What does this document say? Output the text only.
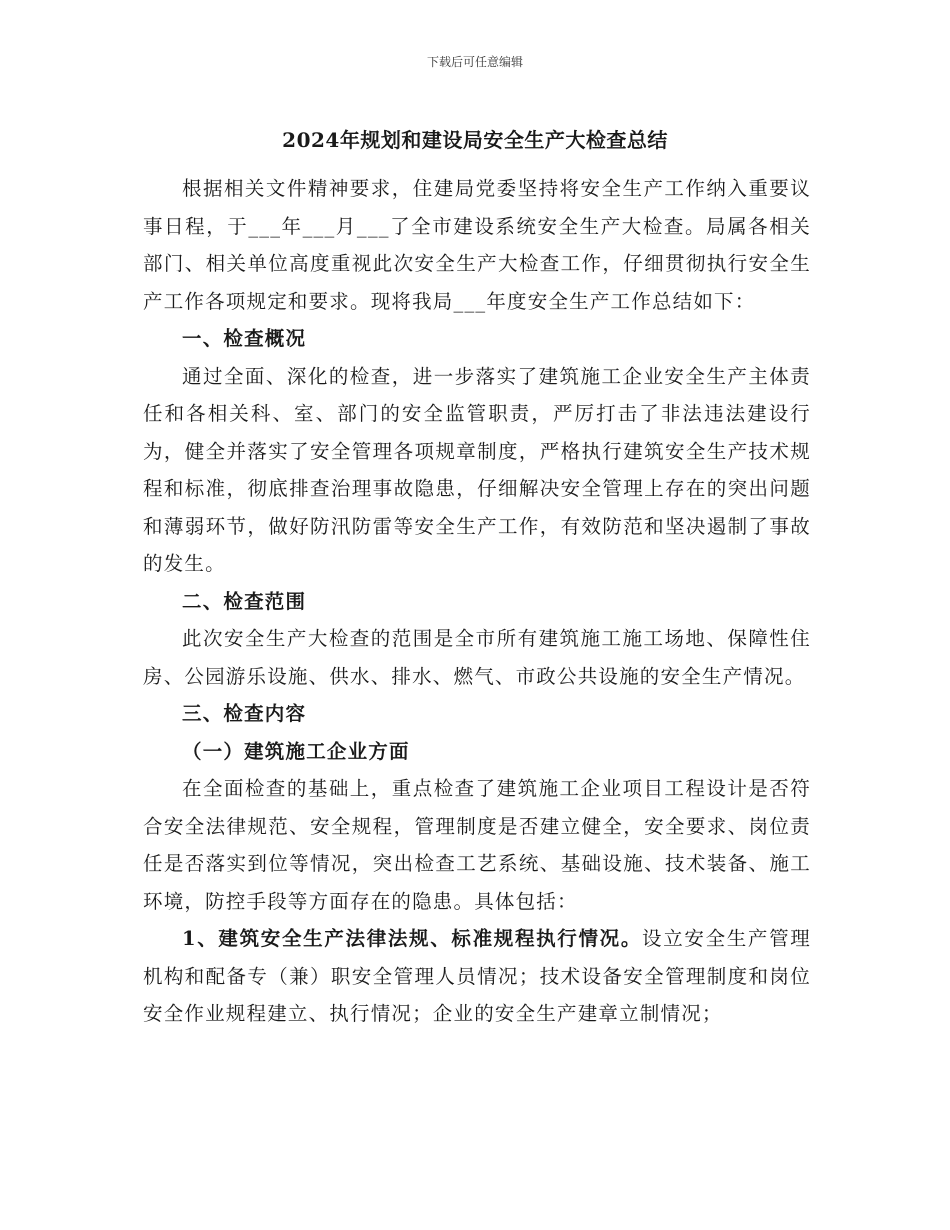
下载后可任意编辑
2024年规划和建设局安全生产大检查总结

根据相关文件精神要求，住建局党委坚持将安全生产工作纳入重要议事日程，于___年___月___了全市建设系统安全生产大检查。局属各相关部门、相关单位高度重视此次安全生产大检查工作，仔细贯彻执行安全生产工作各项规定和要求。现将我局___年度安全生产工作总结如下：

一、检查概况

通过全面、深化的检查，进一步落实了建筑施工企业安全生产主体责任和各相关科、室、部门的安全监管职责，严厉打击了非法违法建设行为，健全并落实了安全管理各项规章制度，严格执行建筑安全生产技术规程和标准，彻底排查治理事故隐患，仔细解决安全管理上存在的突出问题和薄弱环节，做好防汛防雷等安全生产工作，有效防范和坚决遏制了事故的发生。

二、检查范围

此次安全生产大检查的范围是全市所有建筑施工施工场地、保障性住房、公园游乐设施、供水、排水、燃气、市政公共设施的安全生产情况。

三、检查内容

（一）建筑施工企业方面

在全面检查的基础上，重点检查了建筑施工企业项目工程设计是否符合安全法律规范、安全规程，管理制度是否建立健全，安全要求、岗位责任是否落实到位等情况，突出检查工艺系统、基础设施、技术装备、施工环境，防控手段等方面存在的隐患。具体包括：

1、建筑安全生产法律法规、标准规程执行情况。设立安全生产管理机构和配备专（兼）职安全管理人员情况；技术设备安全管理制度和岗位安全作业规程建立、执行情况；企业的安全生产建章立制情况；
